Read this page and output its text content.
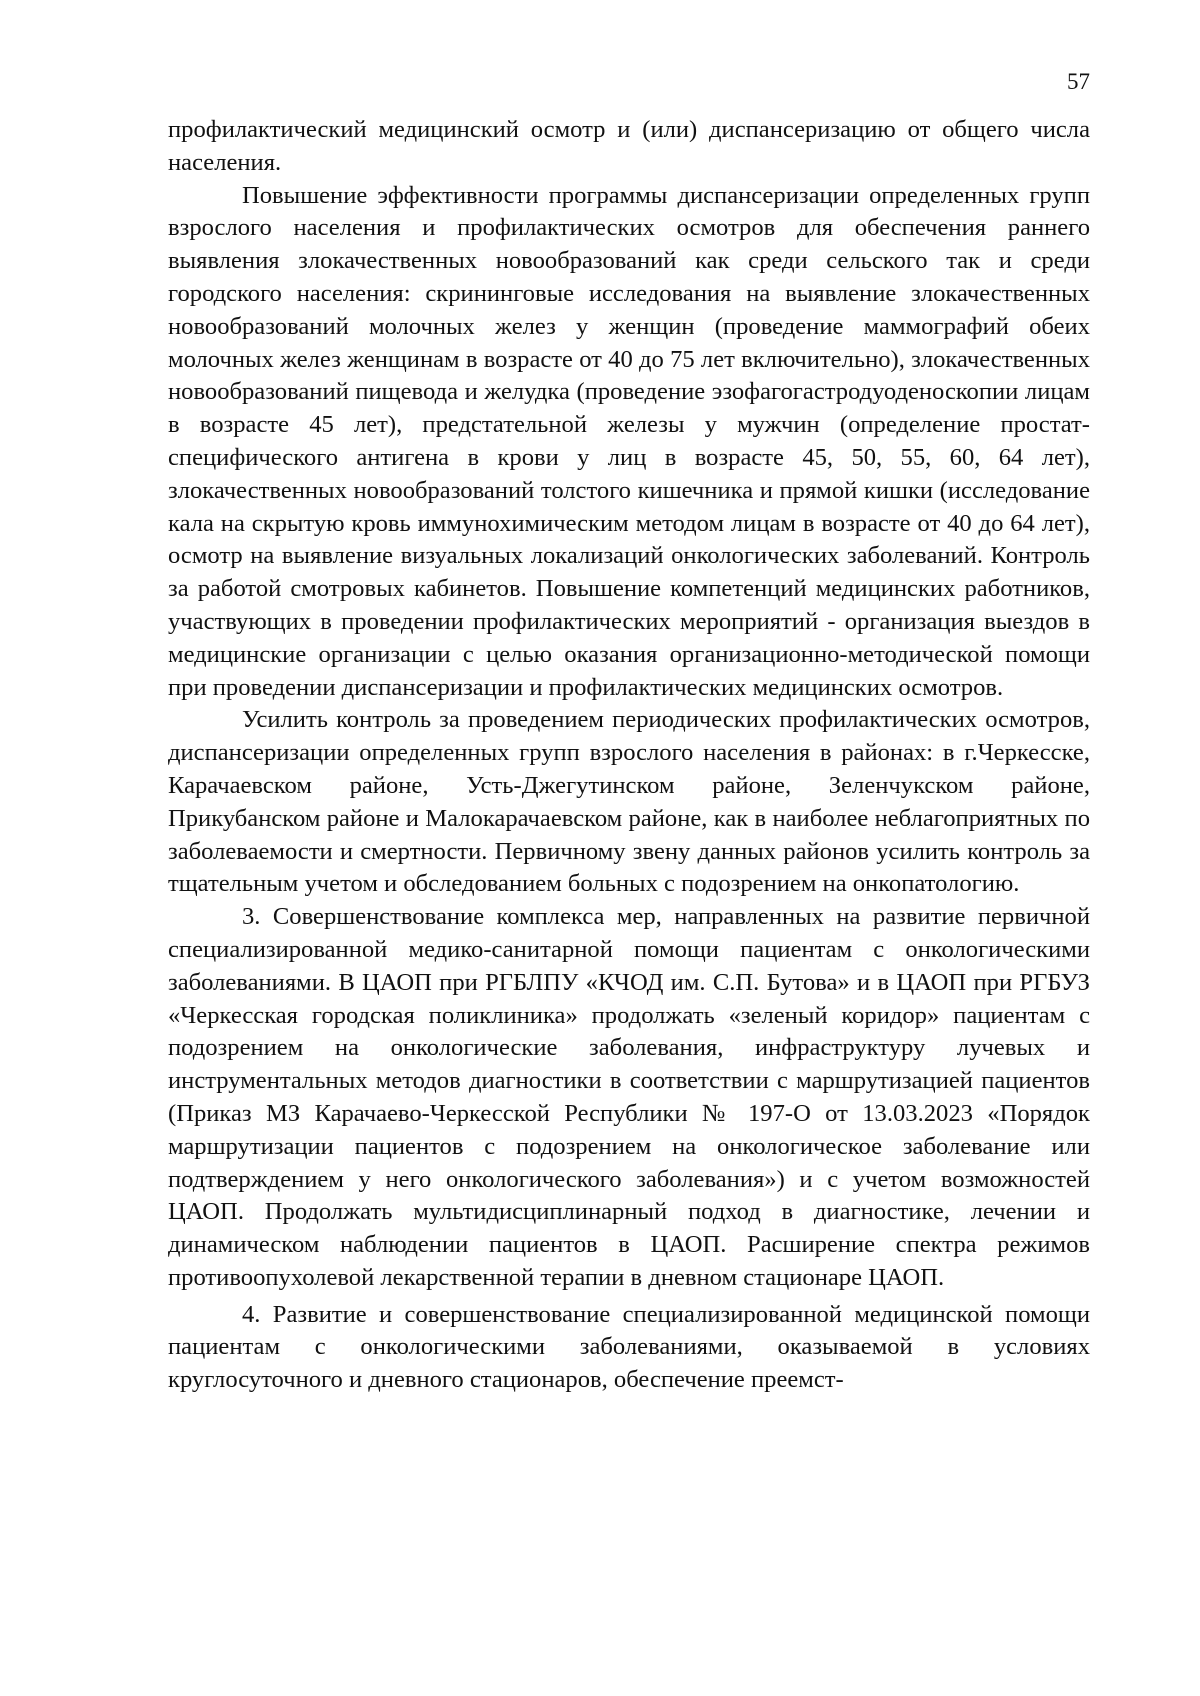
57

профилактический медицинский осмотр и (или) диспансеризацию от общего числа населения.

Повышение эффективности программы диспансеризации определенных групп взрослого населения и профилактических осмотров для обеспечения раннего выявления злокачественных новообразований как среди сельского так и среди городского населения: скрининговые исследования на выявление злокачественных новообразований молочных желез у женщин (проведение маммографий обеих молочных желез женщинам в возрасте от 40 до 75 лет включительно), злокачественных новообразований пищевода и желудка (проведение эзофагогастродуоденоскопии лицам в возрасте 45 лет), предстательной железы у мужчин (определение простат-специфического антигена в крови у лиц в возрасте 45, 50, 55, 60, 64 лет), злокачественных новообразований толстого кишечника и прямой кишки (исследование кала на скрытую кровь иммунохимическим методом лицам в возрасте от 40 до 64 лет), осмотр на выявление визуальных локализаций онкологических заболеваний. Контроль за работой смотровых кабинетов. Повышение компетенций медицинских работников, участвующих в проведении профилактических мероприятий - организация выездов в медицинские организации с целью оказания организационно-методической помощи при проведении диспансеризации и профилактических медицинских осмотров.

Усилить контроль за проведением периодических профилактических осмотров, диспансеризации определенных групп взрослого населения в районах: в г.Черкесске, Карачаевском районе, Усть-Джегутинском районе, Зеленчукском районе, Прикубанском районе и Малокарачаевском районе, как в наиболее неблагоприятных по заболеваемости и смертности. Первичному звену данных районов усилить контроль за тщательным учетом и обследованием больных с подозрением на онкопатологию.

3. Совершенствование комплекса мер, направленных на развитие первичной специализированной медико-санитарной помощи пациентам с онкологическими заболеваниями. В ЦАОП при РГБЛПУ «КЧОД им. С.П. Бутова» и в ЦАОП при РГБУЗ «Черкесская городская поликлиника» продолжать «зеленый коридор» пациентам с подозрением на онкологические заболевания, инфраструктуру лучевых и инструментальных методов диагностики в соответствии с маршрутизацией пациентов (Приказ МЗ Карачаево-Черкесской Республики № 197-О от 13.03.2023 «Порядок маршрутизации пациентов с подозрением на онкологическое заболевание или подтверждением у него онкологического заболевания») и с учетом возможностей ЦАОП. Продолжать мультидисциплинарный подход в диагностике, лечении и динамическом наблюдении пациентов в ЦАОП. Расширение спектра режимов противоопухолевой лекарственной терапии в дневном стационаре ЦАОП.

4. Развитие и совершенствование специализированной медицинской помощи пациентам с онкологическими заболеваниями, оказываемой в условиях круглосуточного и дневного стационаров, обеспечение преемст-
